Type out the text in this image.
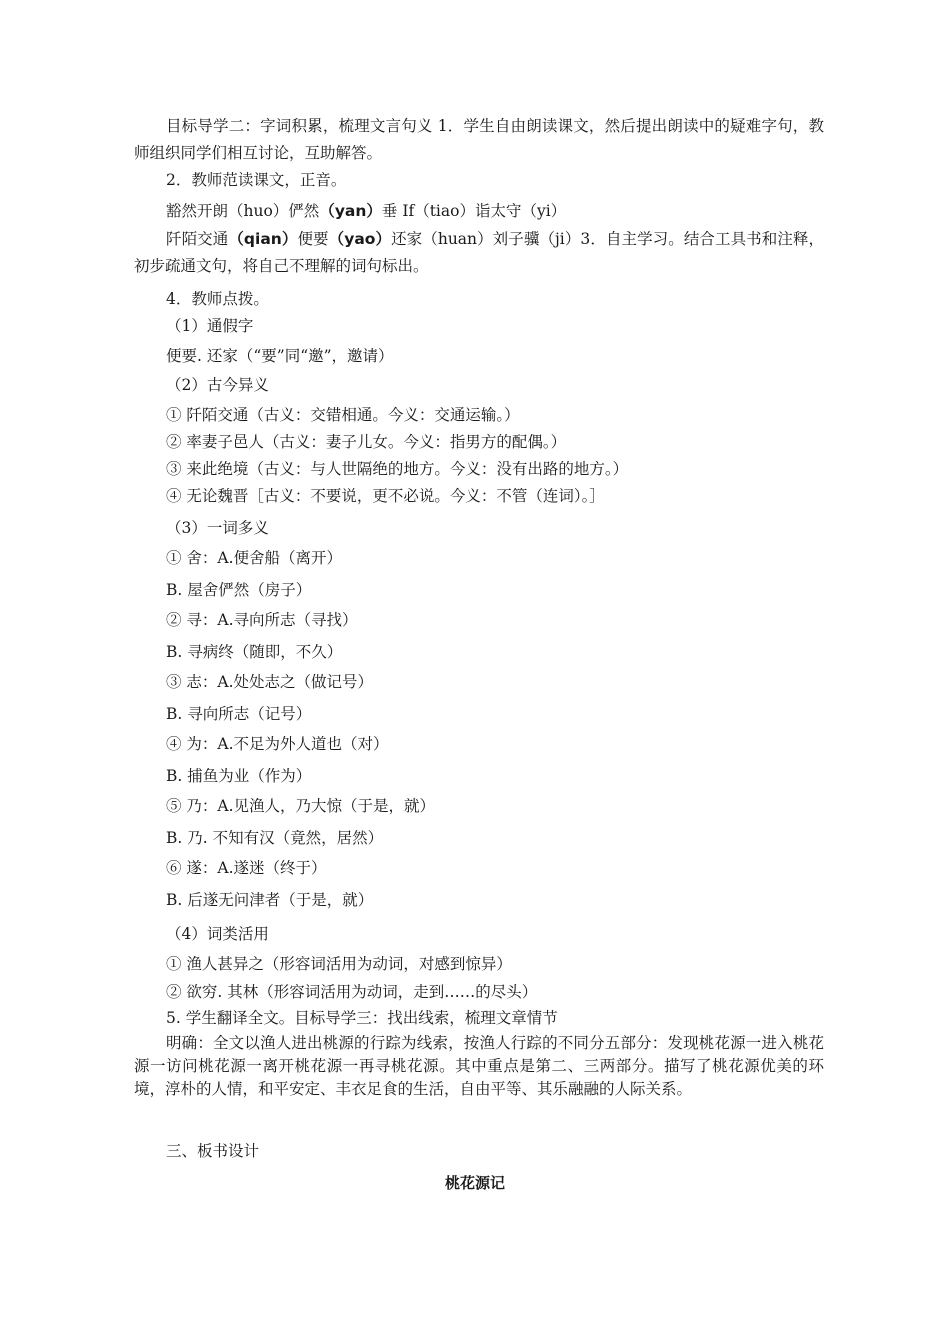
目标导学二：字词积累，梳理文言句义 1．学生自由朗读课文，然后提出朗读中的疑难字句，教师组织同学们相互讨论，互助解答。

2．教师范读课文，正音。

豁然开朗（huo）俨然（yan）垂 If（tiao）诣太守（yi）

阡陌交通（qian）便要（yao）还家（huan）刘子骥（ji）3．自主学习。结合工具书和注释，初步疏通文句，将自己不理解的词句标出。

4．教师点拨。

（1）通假字

便要. 还家（“要”同“邀”，邀请）

（2）古今异义

① 阡陌交通（古义：交错相通。今义：交通运输。）

② 率妻子邑人（古义：妻子儿女。今义：指男方的配偶。）

③ 来此绝境（古义：与人世隔绝的地方。今义：没有出路的地方。）

④ 无论魏晋［古义：不要说，更不必说。今义：不管（连词）。］

（3）一词多义

① 舍：A.便舍船（离开）

B. 屋舍俨然（房子）

② 寻：A.寻向所志（寻找）

B. 寻病终（随即，不久）

③ 志：A.处处志之（做记号）

B. 寻向所志（记号）

④ 为：A.不足为外人道也（对）

B. 捕鱼为业（作为）

⑤ 乃：A.见渔人，乃大惊（于是，就）

B. 乃. 不知有汉（竟然，居然）

⑥ 遂：A.遂迷（终于）

B. 后遂无问津者（于是，就）

（4）词类活用

① 渔人甚异之（形容词活用为动词，对感到惊异）

② 欲穷. 其林（形容词活用为动词，走到……的尽头）

5. 学生翻译全文。目标导学三：找出线索，梳理文章情节

明确：全文以渔人进出桃源的行踪为线索，按渔人行踪的不同分五部分：发现桃花源一进入桃花源一访问桃花源一离开桃花源一再寻桃花源。其中重点是第二、三两部分。描写了桃花源优美的环境，淳朴的人情，和平安定、丰衣足食的生活，自由平等、其乐融融的人际关系。

三、板书设计

桃花源记
